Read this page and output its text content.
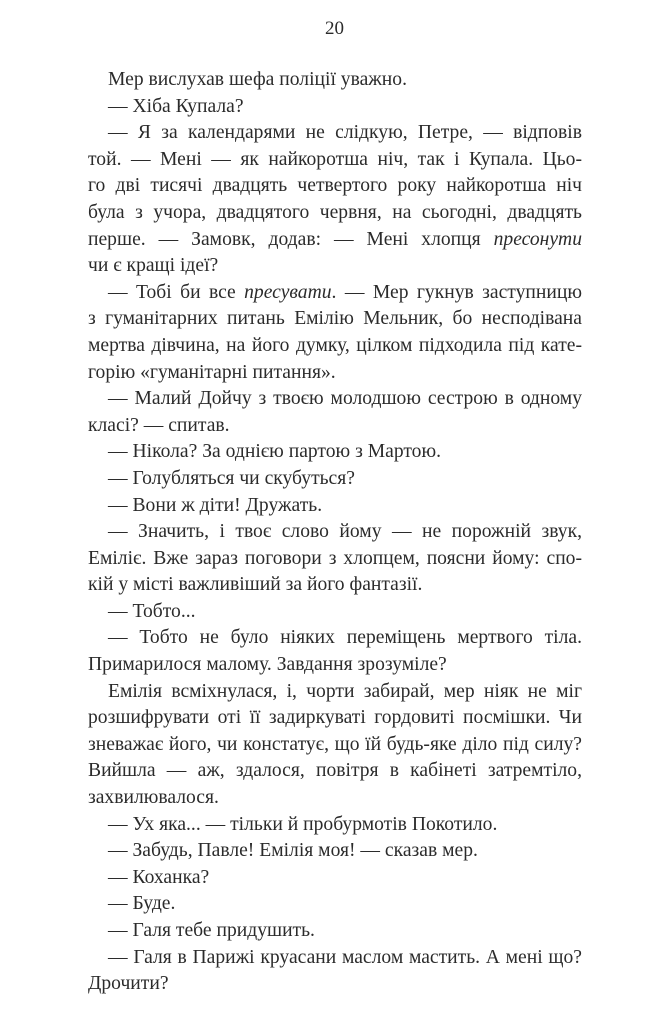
20
Мер вислухав шефа поліції уважно.
— Хіба Купала?
— Я за календарями не слідкую, Петре, — відповів
той. — Мені — як найкоротша ніч, так і Купала. Цьо-
го дві тисячі двадцять четвертого року найкоротша ніч
була з учора, двадцятого червня, на сьогодні, двадцять
перше. — Замовк, додав: — Мені хлопця пресонути
чи є кращі ідеї?
— Тобі би все пресувати. — Мер гукнув заступницю
з гуманітарних питань Емілію Мельник, бо несподівана
мертва дівчина, на його думку, цілком підходила під кате-
горію «гуманітарні питання».
— Малий Дойчу з твоєю молодшою сестрою в одному
класі? — спитав.
— Нікола? За однією партою з Мартою.
— Голубляться чи скубуться?
— Вони ж діти! Дружать.
— Значить, і твоє слово йому — не порожній звук,
Еміліє. Вже зараз поговори з хлопцем, поясни йому: спо-
кій у місті важливіший за його фантазії.
— Тобто...
— Тобто не було ніяких переміщень мертвого тіла.
Примарилося малому. Завдання зрозуміле?
Емілія всміхнулася, і, чорти забирай, мер ніяк не міг
розшифрувати оті її задиркуваті гордовиті посмішки. Чи
зневажає його, чи констатує, що їй будь-яке діло під силу?
Вийшла — аж, здалося, повітря в кабінеті затремтіло,
захвилювалося.
— Ух яка... — тільки й пробурмотів Покотило.
— Забудь, Павле! Емілія моя! — сказав мер.
— Коханка?
— Буде.
— Галя тебе придушить.
— Галя в Парижі круасани маслом мастить. А мені що?
Дрочити?
